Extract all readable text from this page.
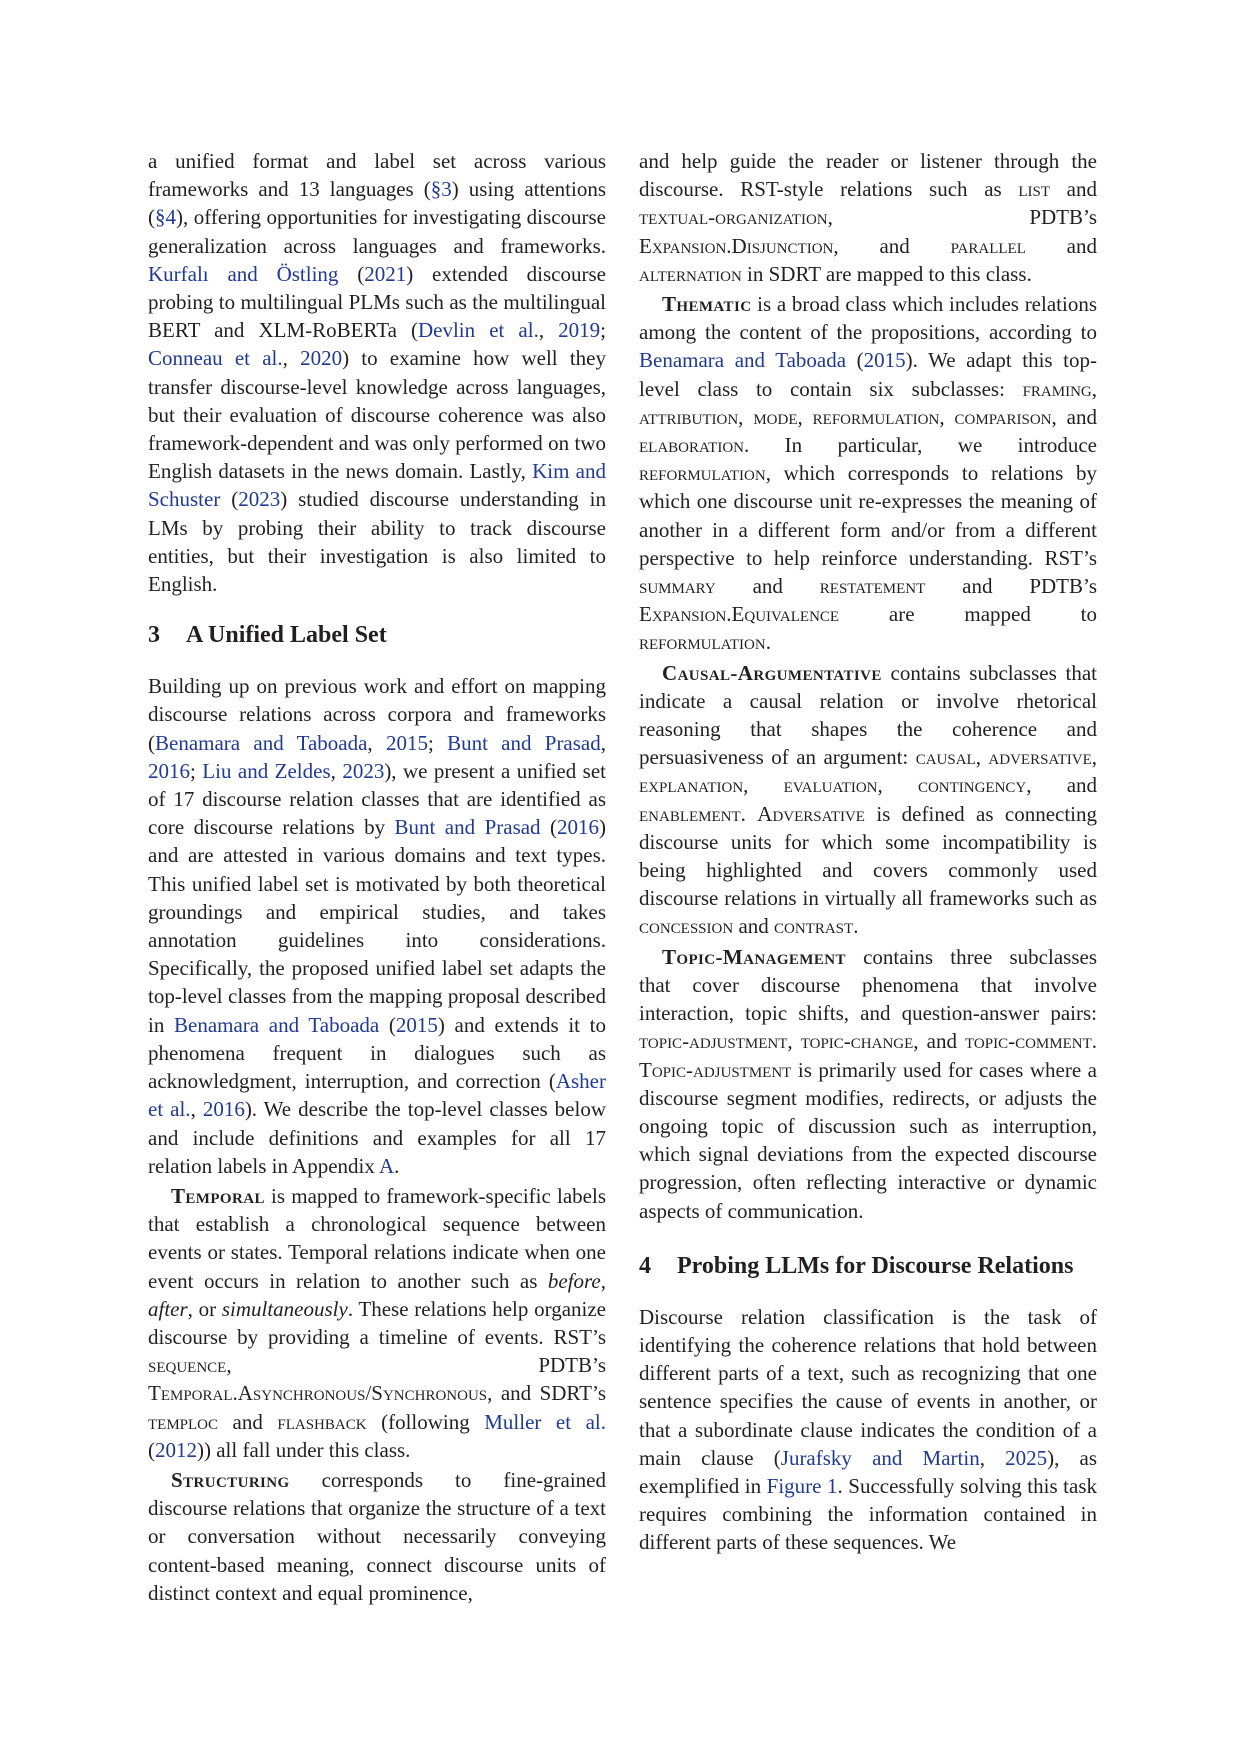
a unified format and label set across various frameworks and 13 languages (§3) using attentions (§4), offering opportunities for investigating discourse generalization across languages and frameworks. Kurfalı and Östling (2021) extended discourse probing to multilingual PLMs such as the multilingual BERT and XLM-RoBERTa (Devlin et al., 2019; Conneau et al., 2020) to examine how well they transfer discourse-level knowledge across languages, but their evaluation of discourse coherence was also framework-dependent and was only performed on two English datasets in the news domain. Lastly, Kim and Schuster (2023) studied discourse understanding in LMs by probing their ability to track discourse entities, but their investigation is also limited to English.

3 A Unified Label Set

Building up on previous work and effort on mapping discourse relations across corpora and frameworks (Benamara and Taboada, 2015; Bunt and Prasad, 2016; Liu and Zeldes, 2023), we present a unified set of 17 discourse relation classes that are identified as core discourse relations by Bunt and Prasad (2016) and are attested in various domains and text types. This unified label set is motivated by both theoretical groundings and empirical studies, and takes annotation guidelines into considerations. Specifically, the proposed unified label set adapts the top-level classes from the mapping proposal described in Benamara and Taboada (2015) and extends it to phenomena frequent in dialogues such as acknowledgment, interruption, and correction (Asher et al., 2016). We describe the top-level classes below and include definitions and examples for all 17 relation labels in Appendix A.

Temporal is mapped to framework-specific labels that establish a chronological sequence between events or states. Temporal relations indicate when one event occurs in relation to another such as before, after, or simultaneously. These relations help organize discourse by providing a timeline of events. RST’s sequence, PDTB’s Temporal.Asynchronous/Synchronous, and SDRT’s temploc and flashback (following Muller et al. (2012)) all fall under this class.

Structuring corresponds to fine-grained discourse relations that organize the structure of a text or conversation without necessarily conveying content-based meaning, connect discourse units of distinct context and equal prominence,

and help guide the reader or listener through the discourse. RST-style relations such as list and textual-organization, PDTB’s Expansion.Disjunction, and parallel and alternation in SDRT are mapped to this class.

Thematic is a broad class which includes relations among the content of the propositions, according to Benamara and Taboada (2015). We adapt this top-level class to contain six subclasses: framing, attribution, mode, reformulation, comparison, and elaboration. In particular, we introduce reformulation, which corresponds to relations by which one discourse unit re-expresses the meaning of another in a different form and/or from a different perspective to help reinforce understanding. RST’s summary and restatement and PDTB’s Expansion.Equivalence are mapped to reformulation.

Causal-Argumentative contains subclasses that indicate a causal relation or involve rhetorical reasoning that shapes the coherence and persuasiveness of an argument: causal, adversative, explanation, evaluation, contingency, and enablement. Adversative is defined as connecting discourse units for which some incompatibility is being highlighted and covers commonly used discourse relations in virtually all frameworks such as concession and contrast.

Topic-Management contains three subclasses that cover discourse phenomena that involve interaction, topic shifts, and question-answer pairs: topic-adjustment, topic-change, and topic-comment. Topic-adjustment is primarily used for cases where a discourse segment modifies, redirects, or adjusts the ongoing topic of discussion such as interruption, which signal deviations from the expected discourse progression, often reflecting interactive or dynamic aspects of communication.

4 Probing LLMs for Discourse Relations

Discourse relation classification is the task of identifying the coherence relations that hold between different parts of a text, such as recognizing that one sentence specifies the cause of events in another, or that a subordinate clause indicates the condition of a main clause (Jurafsky and Martin, 2025), as exemplified in Figure 1. Successfully solving this task requires combining the information contained in different parts of these sequences. We
